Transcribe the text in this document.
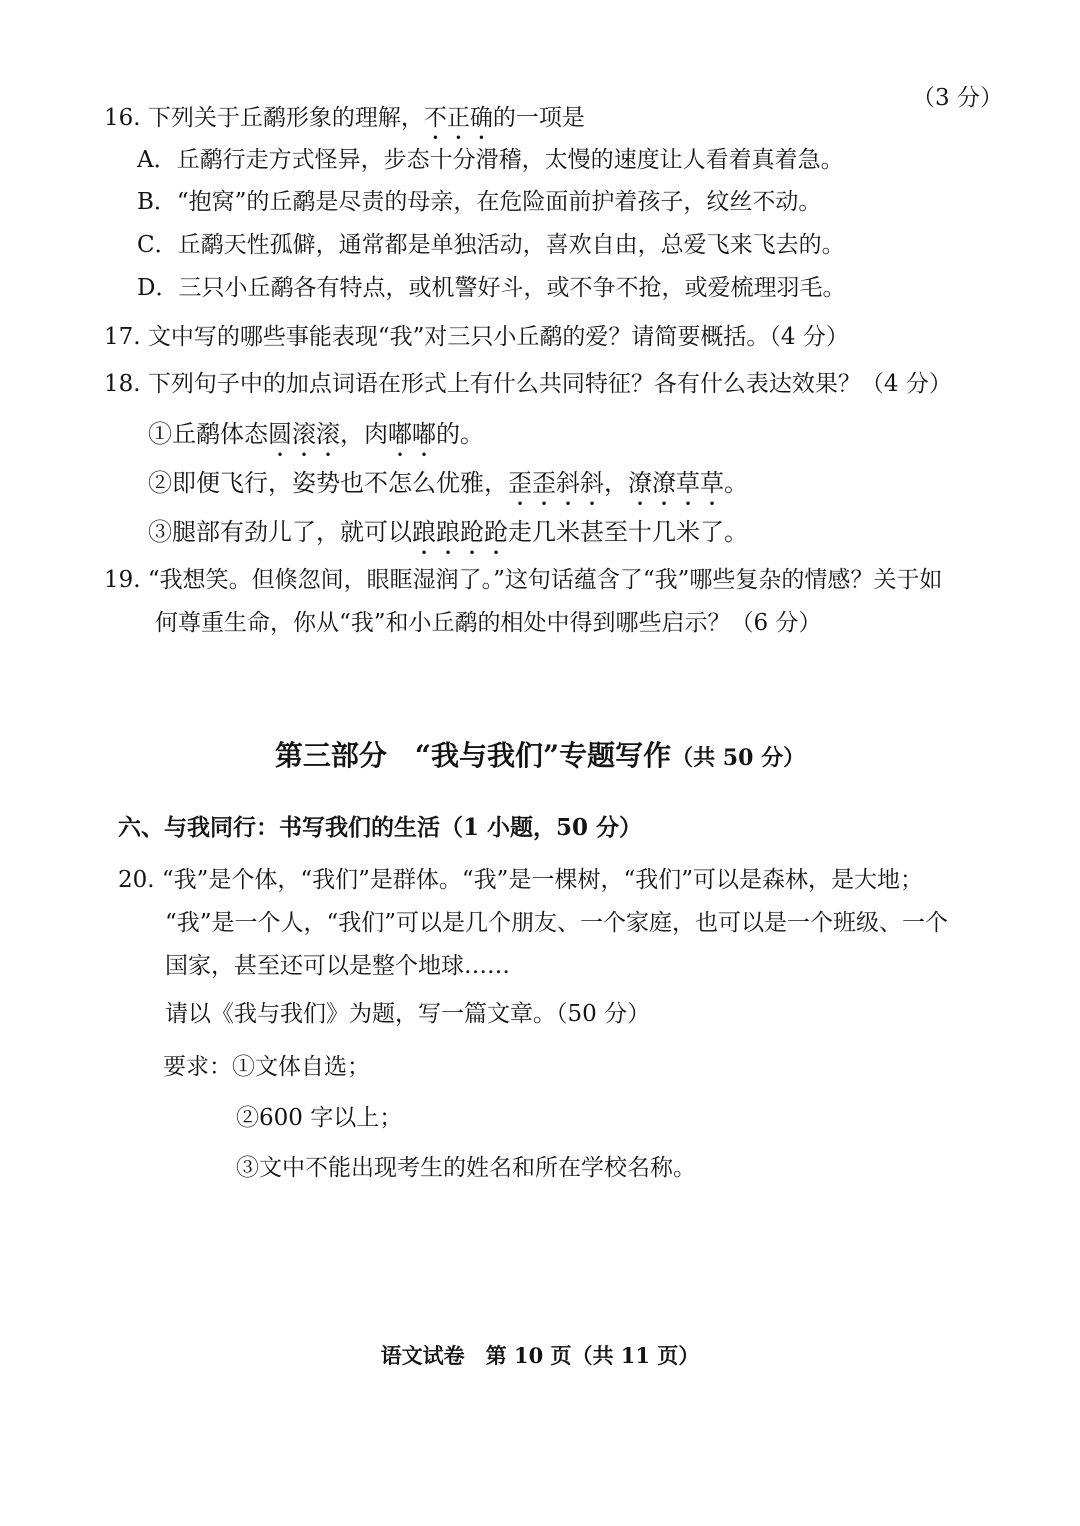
（3 分）
16. 下列关于丘鹬形象的理解，不正确的一项是
A．丘鹬行走方式怪异，步态十分滑稽，太慢的速度让人看着真着急。
B．“抱窝”的丘鹬是尽责的母亲，在危险面前护着孩子，纹丝不动。
C．丘鹬天性孤僻，通常都是单独活动，喜欢自由，总爱飞来飞去的。
D．三只小丘鹬各有特点，或机警好斗，或不争不抢，或爱梳理羽毛。
17. 文中写的哪些事能表现“我”对三只小丘鹬的爱？请简要概括。（4 分）
18. 下列句子中的加点词语在形式上有什么共同特征？各有什么表达效果？（4 分）
①丘鹬体态圆滚滚，肉嘟嘟的。
②即便飞行，姿势也不怎么优雅，歪歪斜斜，潦潦草草。
③腿部有劲儿了，就可以踉踉跄跄走几米甚至十几米了。
19. “我想笑。但倏忽间，眼眶湿润了。”这句话蕴含了“我”哪些复杂的情感？关于如
何尊重生命，你从“我”和小丘鹬的相处中得到哪些启示？（6 分）
第三部分　“我与我们”专题写作（共 50 分）
六、与我同行：书写我们的生活（1 小题，50 分）
20. “我”是个体，“我们”是群体。“我”是一棵树，“我们”可以是森林，是大地；
“我”是一个人，“我们”可以是几个朋友、一个家庭，也可以是一个班级、一个
国家，甚至还可以是整个地球……
请以《我与我们》为题，写一篇文章。（50 分）
要求：①文体自选；
②600 字以上；
③文中不能出现考生的姓名和所在学校名称。
语文试卷　第 10 页（共 11 页）
